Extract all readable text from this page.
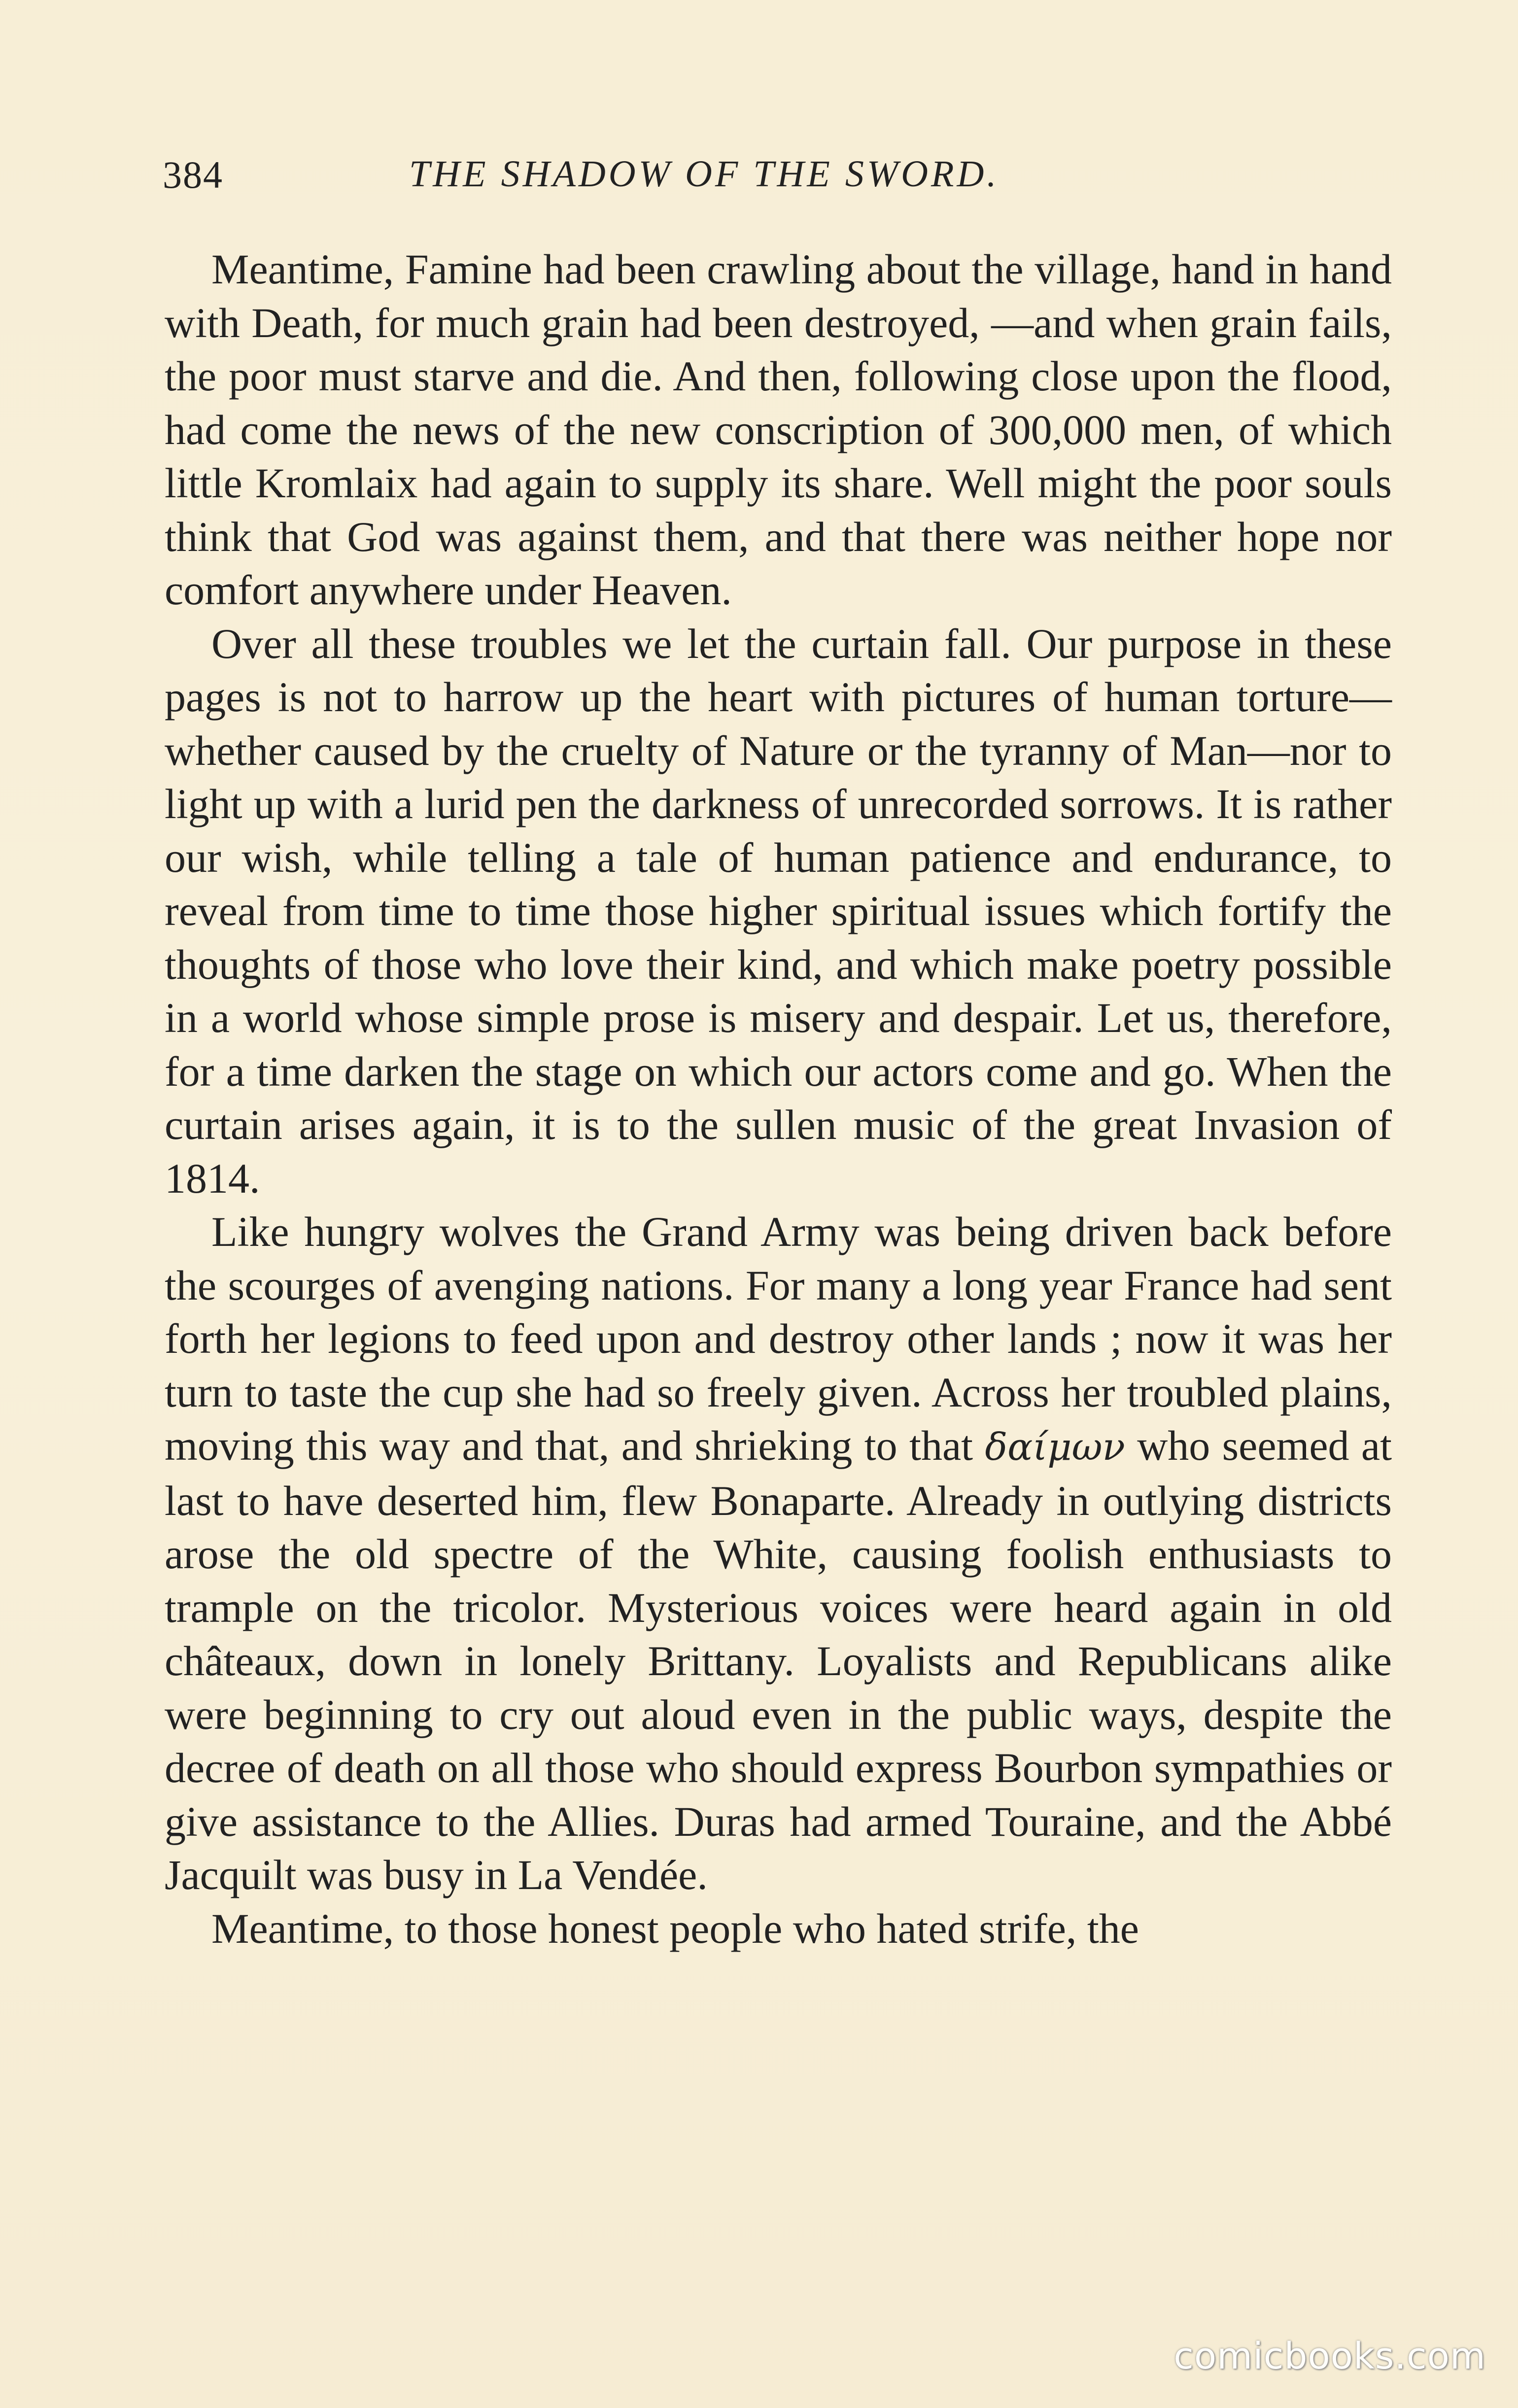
384	THE SHADOW OF THE SWORD.

Meantime, Famine had been crawling about the village, hand in hand with Death, for much grain had been destroyed, —and when grain fails, the poor must starve and die. And then, following close upon the flood, had come the news of the new conscription of 300,000 men, of which little Kromlaix had again to supply its share. Well might the poor souls think that God was against them, and that there was neither hope nor comfort anywhere under Heaven.

Over all these troubles we let the curtain fall. Our purpose in these pages is not to harrow up the heart with pictures of human torture—whether caused by the cruelty of Nature or the tyranny of Man—nor to light up with a lurid pen the darkness of unrecorded sorrows. It is rather our wish, while telling a tale of human patience and endurance, to reveal from time to time those higher spiritual issues which fortify the thoughts of those who love their kind, and which make poetry possible in a world whose simple prose is misery and despair. Let us, therefore, for a time darken the stage on which our actors come and go. When the curtain arises again, it is to the sullen music of the great Invasion of 1814.

Like hungry wolves the Grand Army was being driven back before the scourges of avenging nations. For many a long year France had sent forth her legions to feed upon and destroy other lands ; now it was her turn to taste the cup she had so freely given. Across her troubled plains, moving this way and that, and shrieking to that δαίμων who seemed at last to have deserted him, flew Bonaparte. Already in outlying districts arose the old spectre of the White, causing foolish enthusiasts to trample on the tricolor. Mysterious voices were heard again in old châteaux, down in lonely Brittany. Loyalists and Republicans alike were beginning to cry out aloud even in the public ways, despite the decree of death on all those who should express Bourbon sympathies or give assistance to the Allies. Duras had armed Touraine, and the Abbé Jacquilt was busy in La Vendée.

Meantime, to those honest people who hated strife, the

comicbooks.com
